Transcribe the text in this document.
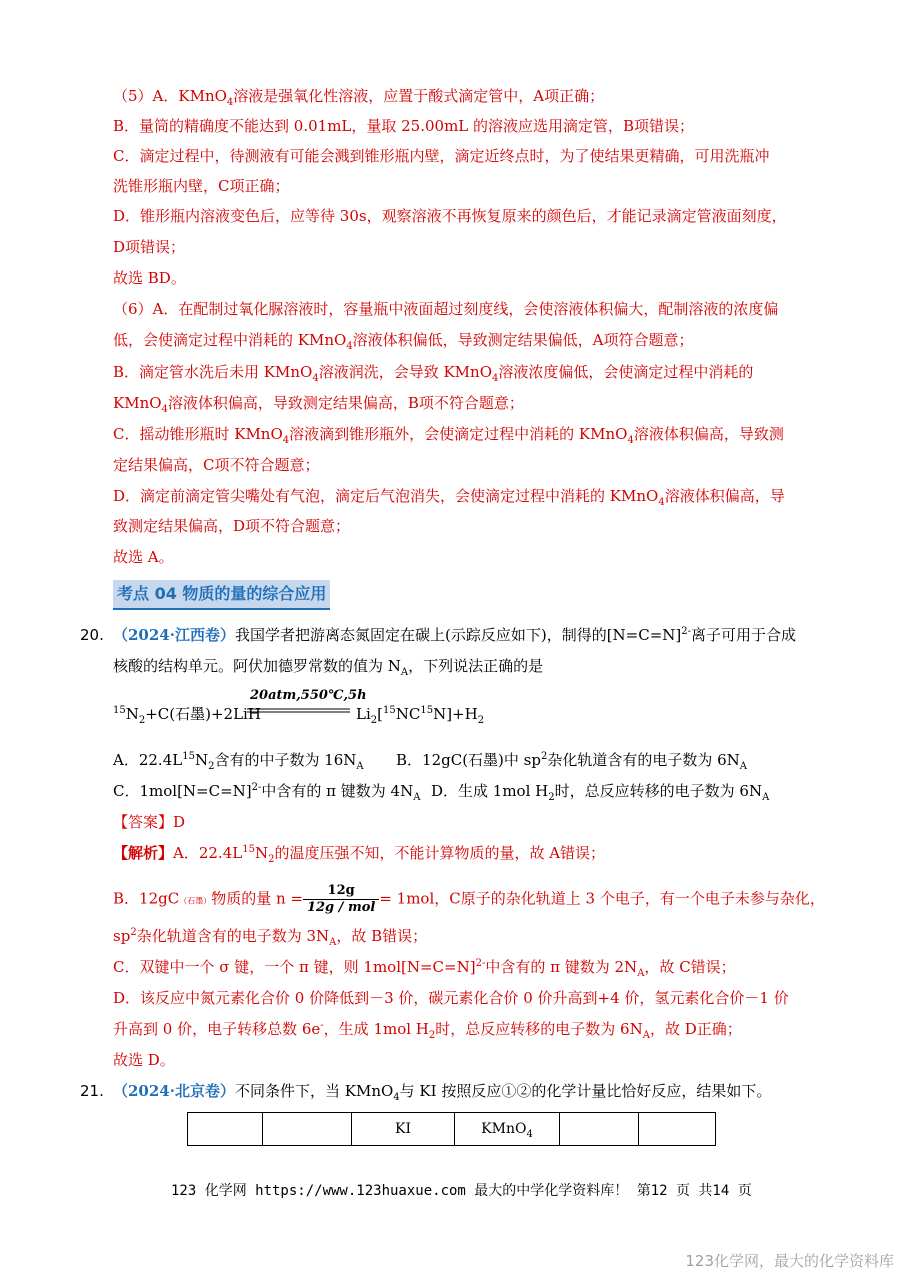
（5）A．KMnO$_4$溶液是强氧化性溶液，应置于酸式滴定管中，A项正确；
B．量筒的精确度不能达到 0.01mL，量取 25.00mL 的溶液应选用滴定管，B项错误；
C．滴定过程中，待测液有可能会溅到锥形瓶内壁，滴定近终点时，为了使结果更精确，可用洗瓶冲
洗锥形瓶内壁，C项正确；
D．锥形瓶内溶液变色后，应等待 30s，观察溶液不再恢复原来的颜色后，才能记录滴定管液面刻度，
D项错误；
故选 BD。
（6）A．在配制过氧化脲溶液时，容量瓶中液面超过刻度线，会使溶液体积偏大，配制溶液的浓度偏
低，会使滴定过程中消耗的 KMnO$_4$溶液体积偏低，导致测定结果偏低，A项符合题意；
B．滴定管水洗后未用 KMnO$_4$溶液润洗，会导致 KMnO$_4$溶液浓度偏低，会使滴定过程中消耗的
KMnO$_4$溶液体积偏高，导致测定结果偏高，B项不符合题意；
C．摇动锥形瓶时 KMnO$_4$溶液滴到锥形瓶外，会使滴定过程中消耗的 KMnO$_4$溶液体积偏高，导致测
定结果偏高，C项不符合题意；
D．滴定前滴定管尖嘴处有气泡，滴定后气泡消失，会使滴定过程中消耗的 KMnO$_4$溶液体积偏高，导
致测定结果偏高，D项不符合题意；
故选 A。
考点 04 物质的量的综合应用
20. （2024·江西卷）我国学者把游离态氮固定在碳上(示踪反应如下)，制得的[N=C=N]$^{2-}$离子可用于合成
核酸的结构单元。阿伏加德罗常数的值为 $N_A$，下列说法正确的是
20atm,550℃,5h
$^{15}N_2+C$(石墨)+2LiH	$Li_2[^{15}NC^{15}N]+H_2$
A．$22.4L^{15}N_2$含有的中子数为 $16N_A$ B．12gC(石墨)中 $sp^2$杂化轨道含有的电子数为 $6N_A$
C．1mol[N=C=N]$^{2-}$中含有的 π 键数为 $4N_A$ D．生成 1mol $H_2$时，总反应转移的电子数为 $6N_A$
【答案】D
【解析】A．$22.4L^{15}N_2$的温度压强不知，不能计算物质的量，故 A错误；
B．12gC（石墨）物质的量 $n = \frac{12g}{\text{12g / mol}} = 1mol$，C原子的杂化轨道上 3 个电子，有一个电子未参与杂化，
$sp^2$杂化轨道含有的电子数为 $3N_A$，故 B错误；
C．双键中一个 σ 键，一个 π 键，则 1mol[N=C=N]$^{2-}$中含有的 π 键数为 $2N_A$，故 C错误；
D．该反应中氮元素化合价 0 价降低到－3 价，碳元素化合价 0 价升高到+4 价，氢元素化合价－1 价
升高到 0 价，电子转移总数 6e-，生成 1mol $H_2$时，总反应转移的电子数为 $6N_A$，故 D正确；
故选 D。
21. （2024·北京卷）不同条件下，当 KMnO$_4$与 KI 按照反应①②的化学计量比恰好反应，结果如下。
		KI	KMnO$_4$		
123 化学网 https://www.123huaxue.com 最大的中学化学资料库！ 第12 页 共14 页
123化学网，最大的化学资料库
